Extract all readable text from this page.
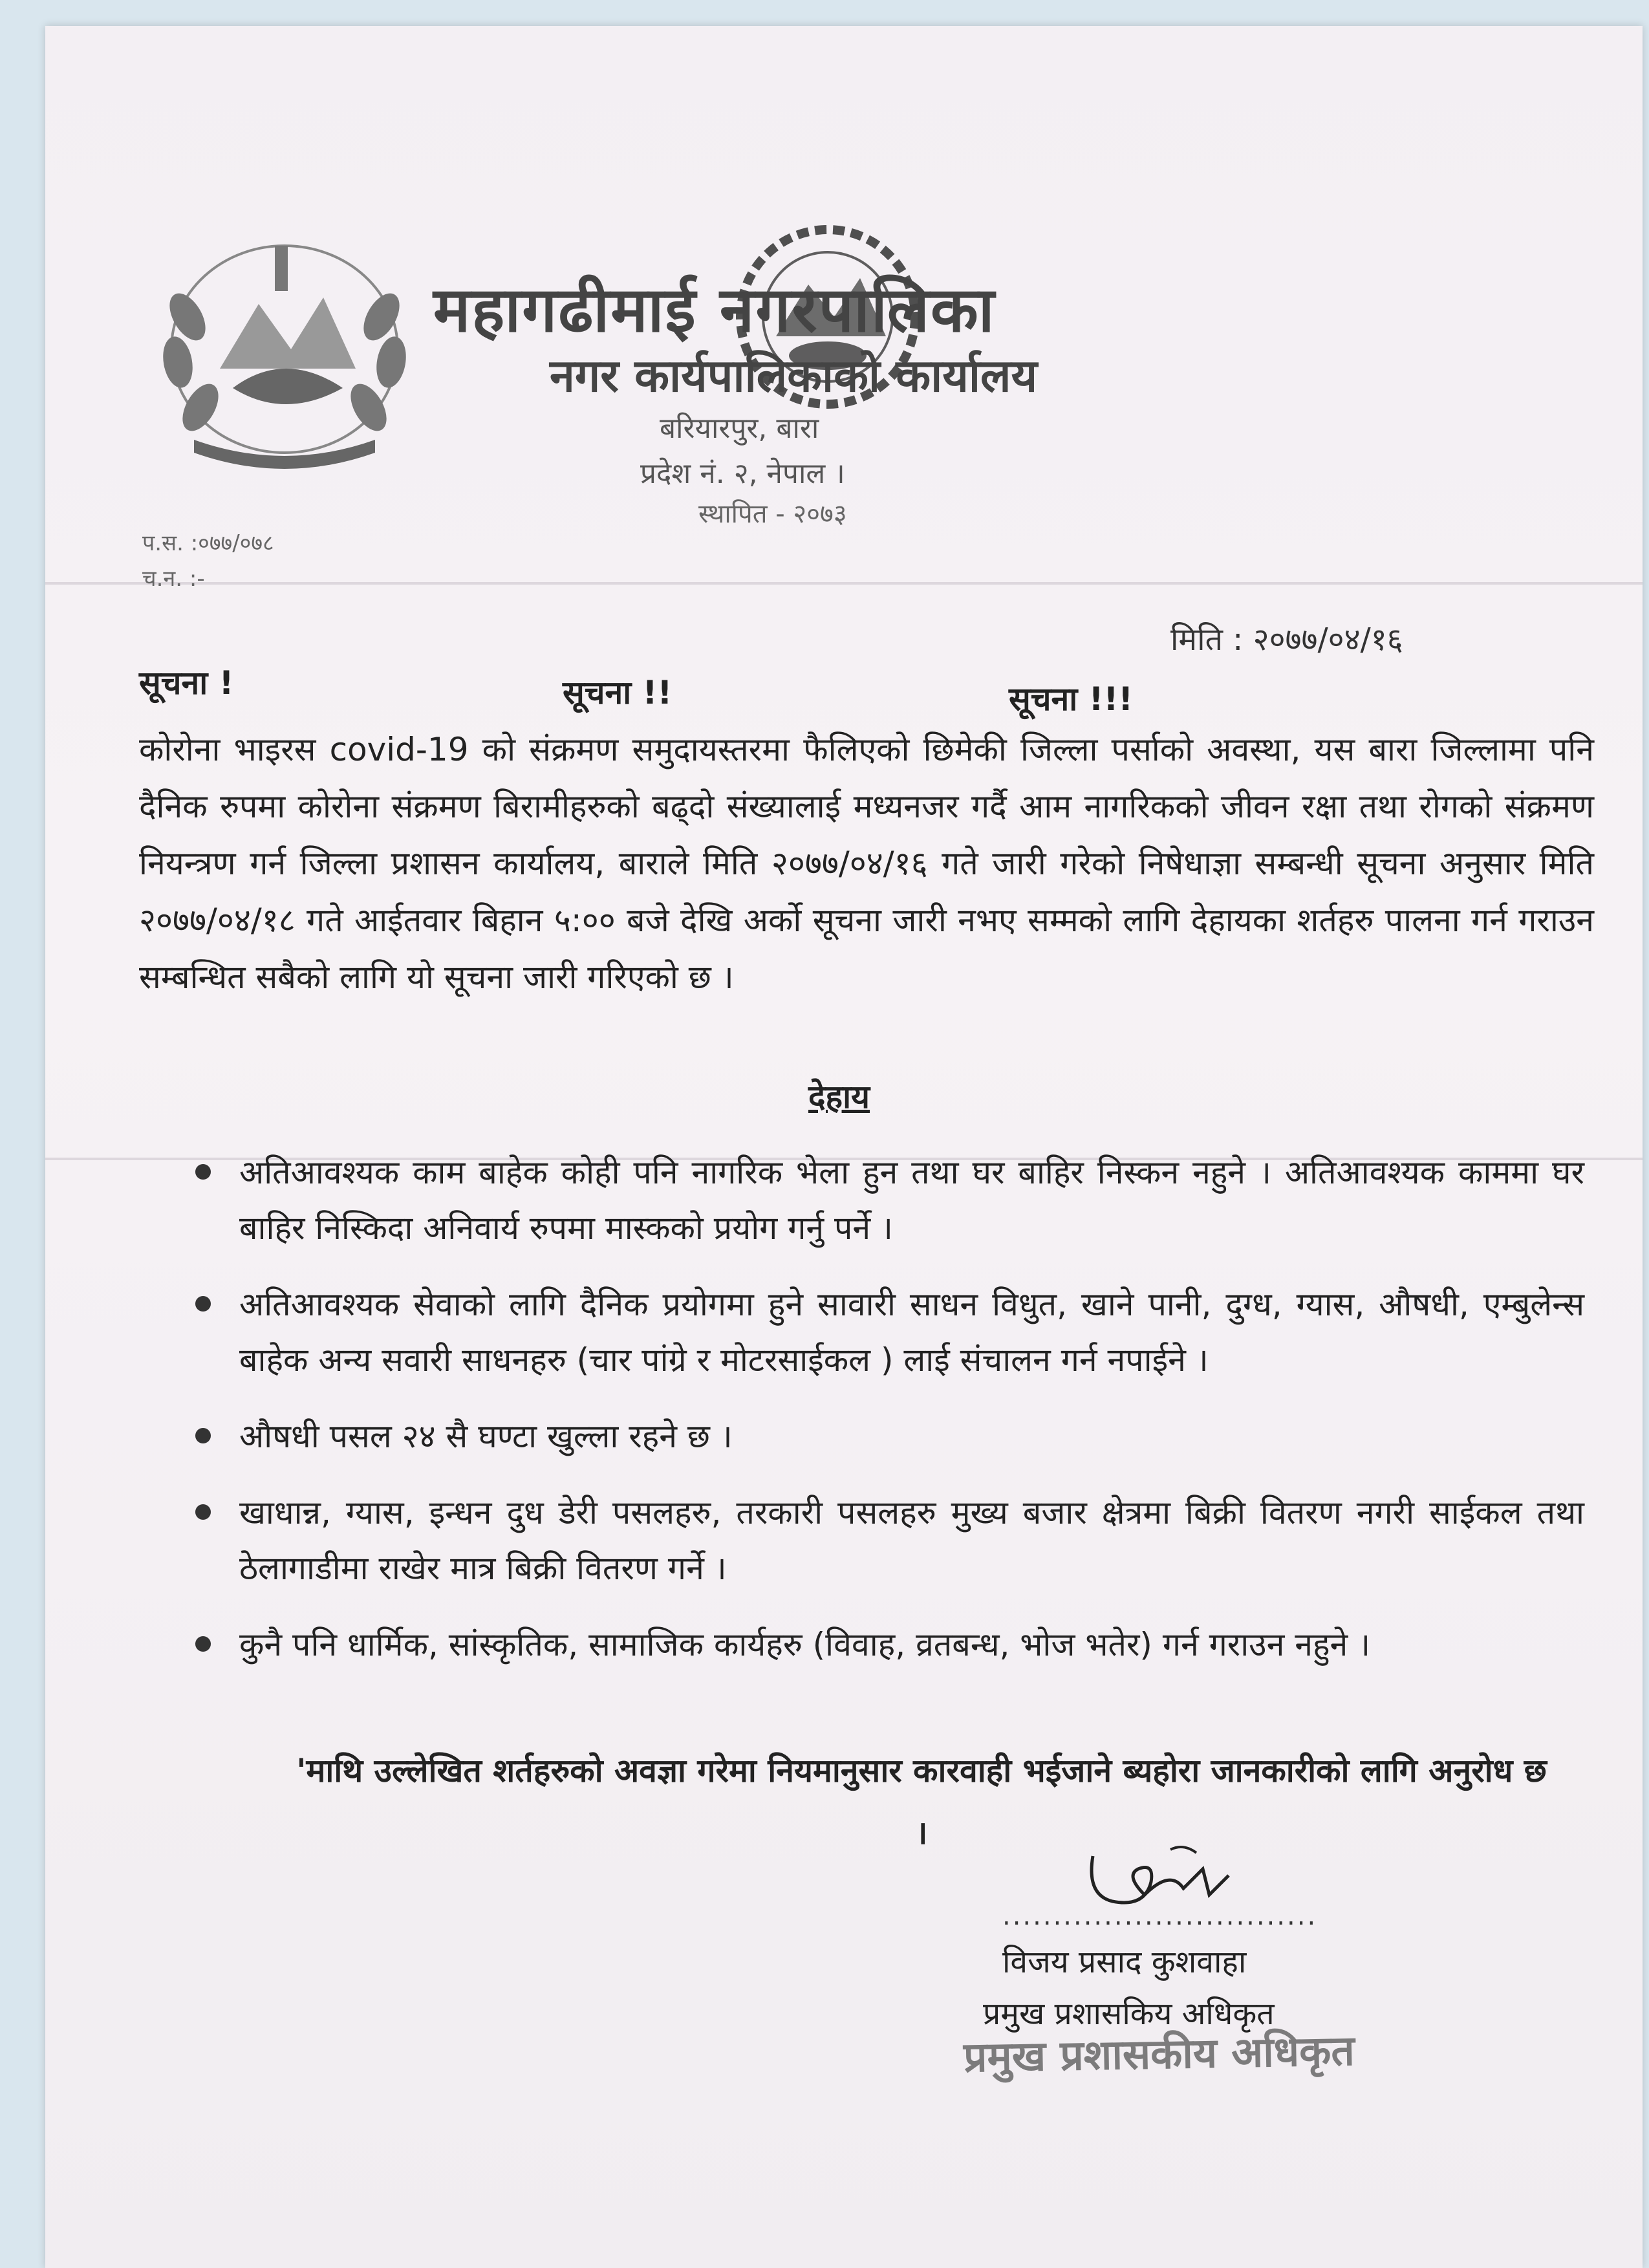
महागढीमाई नगरपालिका
नगर कार्यपालिकाको कार्यालय
बरियारपुर, बारा
प्रदेश नं. २, नेपाल ।
स्थापित - २०७३
प.स. :०७७/०७८
च.न. :-
मिति : २०७७/०४/१६
सूचना !	सूचना !!	सूचना !!!
कोरोना भाइरस covid-19 को संक्रमण समुदायस्तरमा फैलिएको छिमेकी जिल्ला पर्साको अवस्था, यस बारा जिल्लामा पनि दैनिक रुपमा कोरोना संक्रमण बिरामीहरुको बढ्दो संख्यालाई मध्यनजर गर्दै आम नागरिकको जीवन रक्षा तथा रोगको संक्रमण नियन्त्रण गर्न जिल्ला प्रशासन कार्यालय, बाराले मिति २०७७/०४/१६ गते जारी गरेको निषेधाज्ञा सम्बन्धी सूचना अनुसार मिति २०७७/०४/१८ गते आईतवार बिहान ५:०० बजे देखि अर्को सूचना जारी नभए सम्मको लागि देहायका शर्तहरु पालना गर्न गराउन सम्बन्धित सबैको लागि यो सूचना जारी गरिएको छ ।
देहाय
अतिआवश्यक काम बाहेक कोही पनि नागरिक भेला हुन तथा घर बाहिर निस्कन नहुने । अतिआवश्यक काममा घर बाहिर निस्किदा अनिवार्य रुपमा मास्कको प्रयोग गर्नु पर्ने ।
अतिआवश्यक सेवाको लागि दैनिक प्रयोगमा हुने सावारी साधन विधुत, खाने पानी, दुग्ध, ग्यास, औषधी, एम्बुलेन्स बाहेक अन्य सवारी साधनहरु (चार पांग्रे र मोटरसाईकल ) लाई संचालन गर्न नपाईने ।
औषधी पसल २४ सै घण्टा खुल्ला रहने छ ।
खाधान्न, ग्यास, इन्धन दुध डेरी पसलहरु, तरकारी पसलहरु मुख्य बजार क्षेत्रमा बिक्री वितरण नगरी साईकल तथा ठेलागाडीमा राखेर मात्र बिक्री वितरण गर्ने ।
कुनै पनि धार्मिक, सांस्कृतिक, सामाजिक कार्यहरु (विवाह, व्रतबन्ध, भोज भतेर) गर्न गराउन नहुने ।
'माथि उल्लेखित शर्तहरुको अवज्ञा गरेमा नियमानुसार कारवाही भईजाने ब्यहोरा जानकारीको लागि अनुरोध छ ।
...............................
विजय प्रसाद कुशवाहा
प्रमुख प्रशासकिय अधिकृत
प्रमुख प्रशासकीय अधिकृत
